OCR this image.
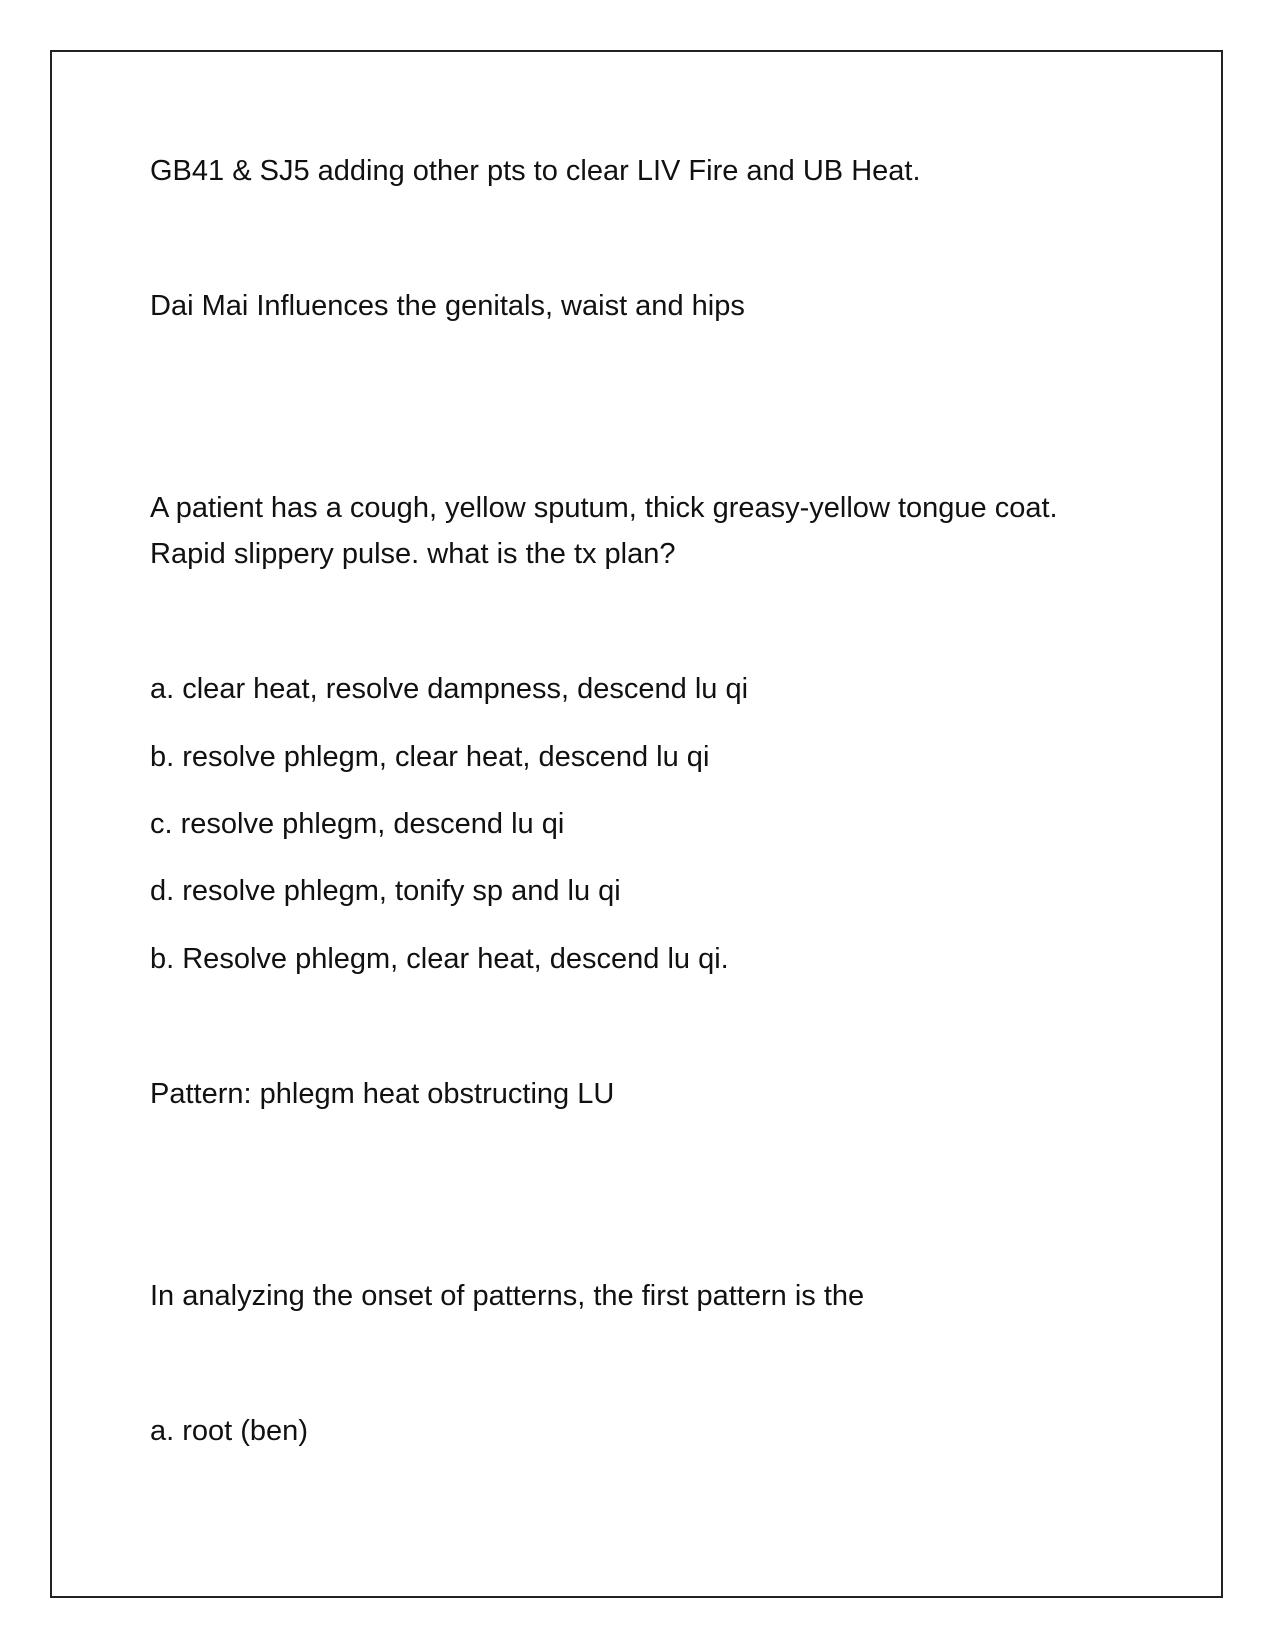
GB41 & SJ5 adding other pts to clear LIV Fire and UB Heat.
Dai Mai Influences the genitals, waist and hips
A patient has a cough, yellow sputum, thick greasy-yellow tongue coat.
Rapid slippery pulse. what is the tx plan?
a. clear heat, resolve dampness, descend lu qi
b. resolve phlegm, clear heat, descend lu qi
c. resolve phlegm, descend lu qi
d. resolve phlegm, tonify sp and lu qi
b. Resolve phlegm, clear heat, descend lu qi.
Pattern: phlegm heat obstructing LU
In analyzing the onset of patterns, the first pattern is the
a. root (ben)
